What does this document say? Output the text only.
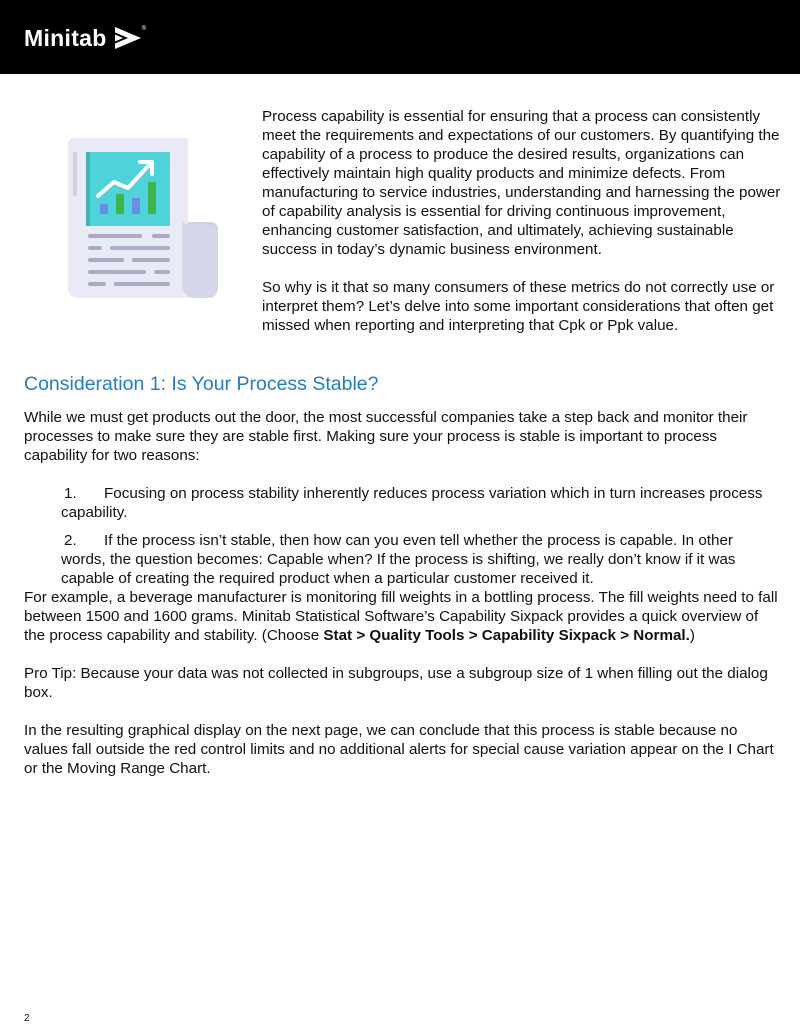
Minitab	®

Process capability is essential for ensuring that a process can consistently meet the requirements and expectations of our customers. By quantifying the capability of a process to produce the desired results, organizations can effectively maintain high quality products and minimize defects. From manufacturing to service industries, understanding and harnessing the power of capability analysis is essential for driving continuous improvement, enhancing customer satisfaction, and ultimately, achieving sustainable success in today’s dynamic business environment.

So why is it that so many consumers of these metrics do not correctly use or interpret them? Let’s delve into some important considerations that often get missed when reporting and interpreting that Cpk or Ppk value.

Consideration 1: Is Your Process Stable?

While we must get products out the door, the most successful companies take a step back and monitor their processes to make sure they are stable first. Making sure your process is stable is important to process capability for two reasons:

1. Focusing on process stability inherently reduces process variation which in turn increases process capability.
2. If the process isn’t stable, then how can you even tell whether the process is capable. In other words, the question becomes: Capable when? If the process is shifting, we really don’t know if it was capable of creating the required product when a particular customer received it.

For example, a beverage manufacturer is monitoring fill weights in a bottling process. The fill weights need to fall between 1500 and 1600 grams. Minitab Statistical Software’s Capability Sixpack provides a quick overview of the process capability and stability. (Choose Stat > Quality Tools > Capability Sixpack > Normal.)

Pro Tip: Because your data was not collected in subgroups, use a subgroup size of 1 when filling out the dialog box.

In the resulting graphical display on the next page, we can conclude that this process is stable because no values fall outside the red control limits and no additional alerts for special cause variation appear on the I Chart or the Moving Range Chart.

2
